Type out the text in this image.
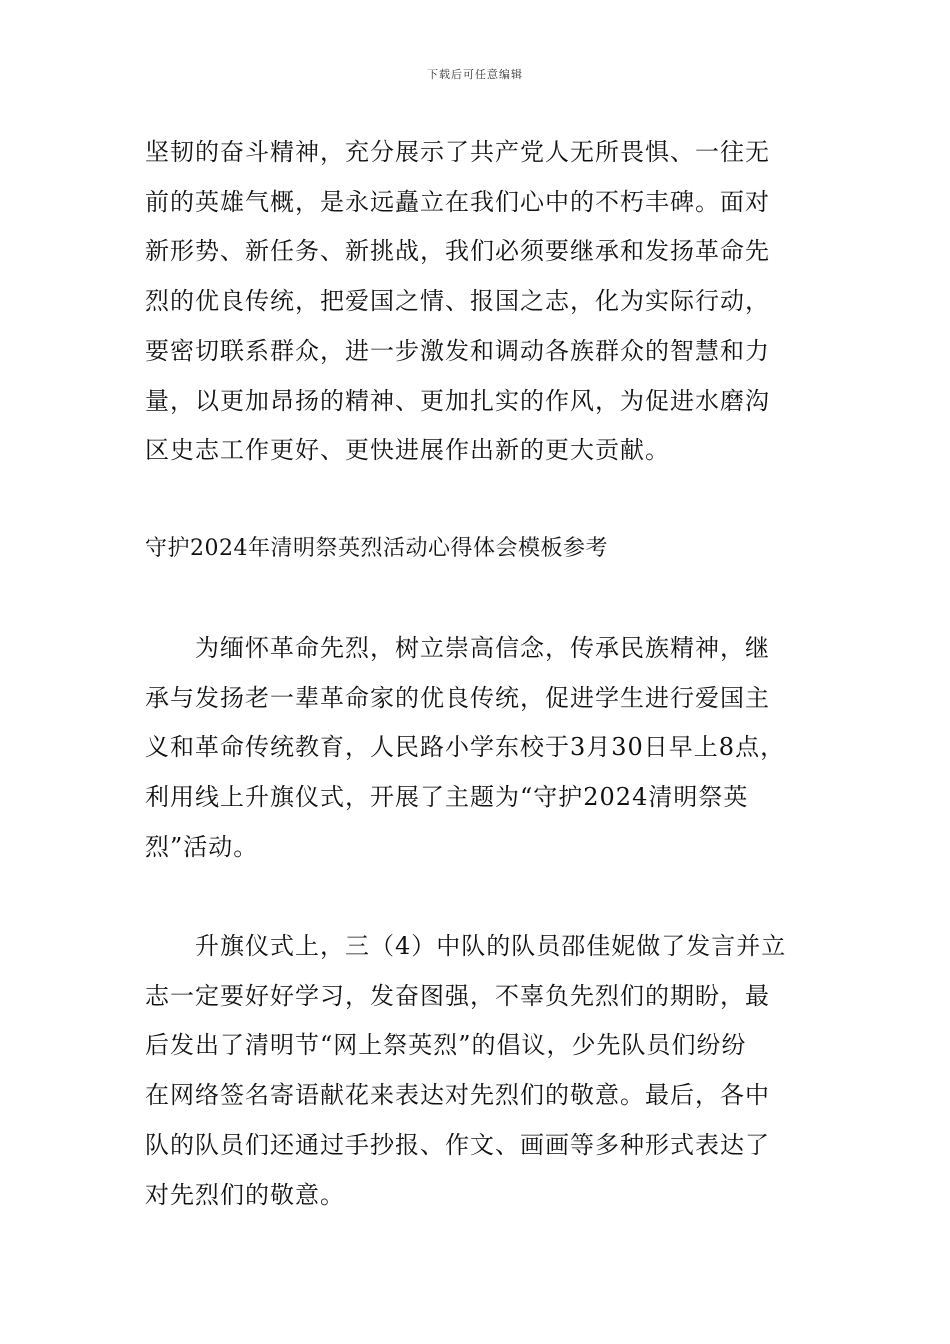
下载后可任意编辑

坚韧的奋斗精神，充分展示了共产党人无所畏惧、一往无
前的英雄气概，是永远矗立在我们心中的不朽丰碑。面对
新形势、新任务、新挑战，我们必须要继承和发扬革命先
烈的优良传统，把爱国之情、报国之志，化为实际行动，
要密切联系群众，进一步激发和调动各族群众的智慧和力
量，以更加昂扬的精神、更加扎实的作风，为促进水磨沟
区史志工作更好、更快进展作出新的更大贡献。

守护2024年清明祭英烈活动心得体会模板参考

为缅怀革命先烈，树立崇高信念，传承民族精神，继
承与发扬老一辈革命家的优良传统，促进学生进行爱国主
义和革命传统教育，人民路小学东校于3月30日早上8点，
利用线上升旗仪式，开展了主题为“守护2024清明祭英
烈”活动。

升旗仪式上，三（4）中队的队员邵佳妮做了发言并立
志一定要好好学习，发奋图强，不辜负先烈们的期盼，最
后发出了清明节“网上祭英烈”的倡议，少先队员们纷纷
在网络签名寄语献花来表达对先烈们的敬意。最后，各中
队的队员们还通过手抄报、作文、画画等多种形式表达了
对先烈们的敬意。
